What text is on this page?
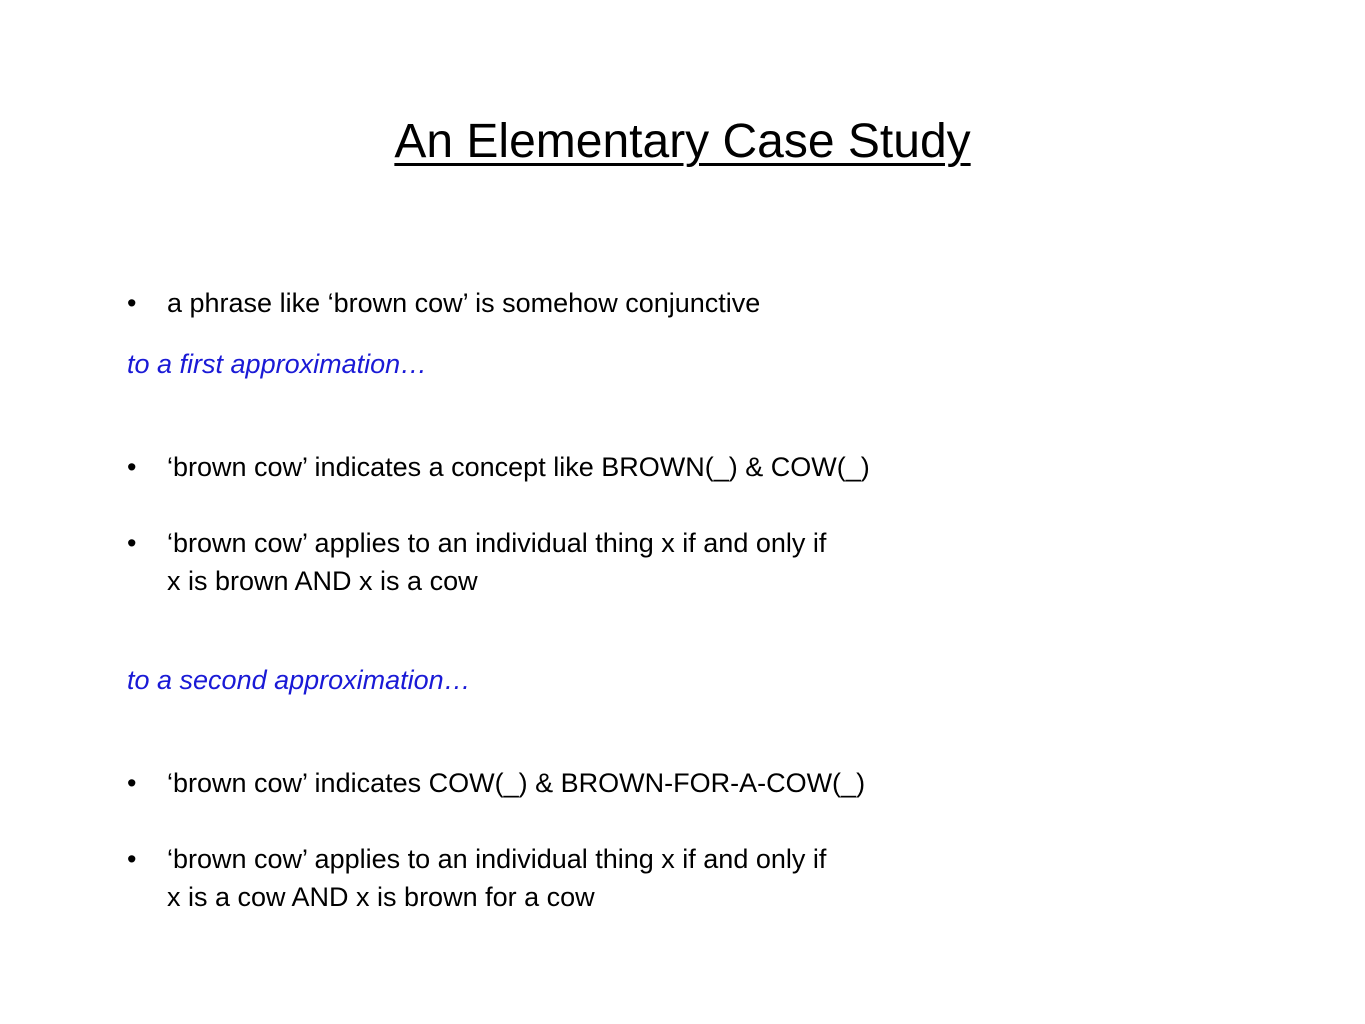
An Elementary Case Study
• a phrase like ‘brown cow’ is somehow conjunctive
to a first approximation…
• ‘brown cow’ indicates a concept like BROWN(_) & COW(_)
• ‘brown cow’ applies to an individual thing x if and only if
x is brown AND x is a cow
to a second approximation…
• ‘brown cow’ indicates COW(_) & BROWN-FOR-A-COW(_)
• ‘brown cow’ applies to an individual thing x if and only if
x is a cow AND x is brown for a cow
